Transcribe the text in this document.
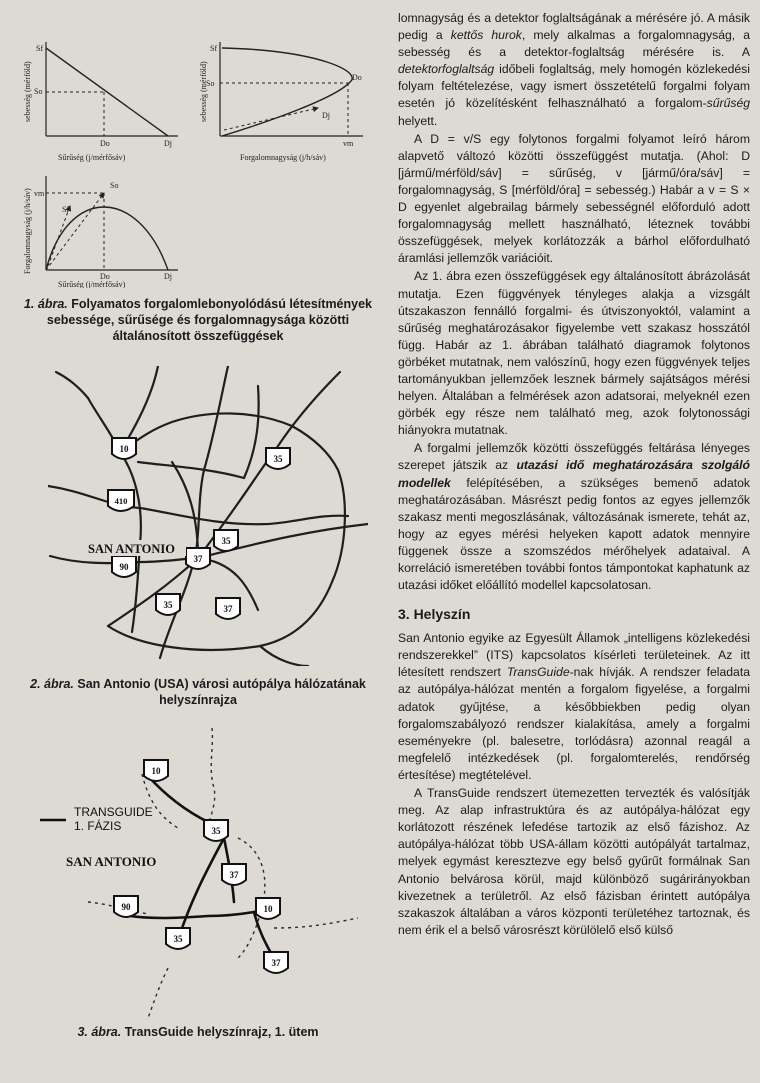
Sf
So
Do	Dj
Sűrűség (j/mérfősáv)
sebesség (mérföld)
Sf
So
Do
Dj
vm
Forgalomnagyság (j/h/sáv)
sebesség (mérföld)
vm
So
Sf
Do	Dj
Sűrűség (j/mérfősáv)
Forgalomnagyság (j/h/sáv)
1. ábra. Folyamatos forgalomlebonyolódású létesítmények sebessége, sűrűsége és forgalomnagysága közötti általánosított összefüggések
10
35
410
35
90
37
35	37
SAN ANTONIO
2. ábra. San Antonio (USA) városi autópálya hálózatának helyszínrajza
10
35
37
90	10
35
37
TRANSGUIDE
1. FÁZIS
SAN ANTONIO
3. ábra. TransGuide helyszínrajz, 1. ütem

lomnagyság és a detektor foglaltságának a mérésére jó. A másik pedig a kettős hurok, mely alkalmas a forgalomnagyság, a sebesség és a detektor-foglaltság mérésére is. A detektorfoglaltság időbeli foglaltság, mely homogén közlekedési folyam feltételezése, vagy ismert összetételű forgalmi folyam esetén jó közelítésként felhasználható a forgalom-sűrűség helyett.

A D = v/S egy folytonos forgalmi folyamot leíró három alapvető változó közötti összefüggést mutatja. (Ahol: D [jármű/mérföld/sáv] = sűrűség, v [jármű/óra/sáv] = forgalomnagyság, S [mérföld/óra] = sebesség.) Habár a v = S × D egyenlet algebrailag bármely sebességnél előforduló adott forgalomnagyság mellett használható, léteznek további összefüggések, melyek korlátozzák a bárhol előfordulható áramlási jellemzők variációit.

Az 1. ábra ezen összefüggések egy általánosított ábrázolását mutatja. Ezen függvények tényleges alakja a vizsgált útszakaszon fennálló forgalmi- és útviszonyoktól, valamint a sűrűség meghatározásakor figyelembe vett szakasz hosszától függ. Habár az 1. ábrában található diagramok folytonos görbéket mutatnak, nem valószínű, hogy ezen függvények teljes tartományukban jellemzőek lesznek bármely sajátságos mérési helyen. Általában a felmérések azon adatsorai, melyeknél ezen görbék egy része nem található meg, azok folytonossági hiányokra mutatnak.

A forgalmi jellemzők közötti összefüggés feltárása lényeges szerepet játszik az utazási idő meghatározására szolgáló modellek felépítésében, a szükséges bemenő adatok meghatározásában. Másrészt pedig fontos az egyes jellemzők szakasz menti megoszlásának, változásának ismerete, tehát az, hogy az egyes mérési helyeken kapott adatok mennyire függenek össze a szomszédos mérőhelyek adataival. A korreláció ismeretében további fontos támpontokat kaphatunk az utazási időket előállító modellel kapcsolatosan.

3. Helyszín

San Antonio egyike az Egyesült Államok „intelligens közlekedési rendszerekkel” (ITS) kapcsolatos kísérleti területeinek. Az itt létesített rendszert TransGuide-nak hívják. A rendszer feladata az autópálya-hálózat mentén a forgalom figyelése, a forgalmi adatok gyűjtése, a későbbiekben pedig olyan forgalomszabályozó rendszer kialakítása, amely a forgalmi eseményekre (pl. balesetre, torlódásra) azonnal reagál a megfelelő intézkedések (pl. forgalomterelés, rendőrség értesítése) megtételével.

A TransGuide rendszert ütemezetten tervezték és valósítják meg. Az alap infrastruktúra és az autópálya-hálózat egy korlátozott részének lefedése tartozik az első fázishoz. Az autópálya-hálózat több USA-állam közötti autópályát tartalmaz, melyek egymást keresztezve egy belső gyűrűt formálnak San Antonio belvárosa körül, majd különböző sugárirányokban kivezetnek a területről. Az első fázisban érintett autópálya szakaszok általában a város központi területéhez tartoznak, és nem érik el a belső városrészt körülölelő első külső
